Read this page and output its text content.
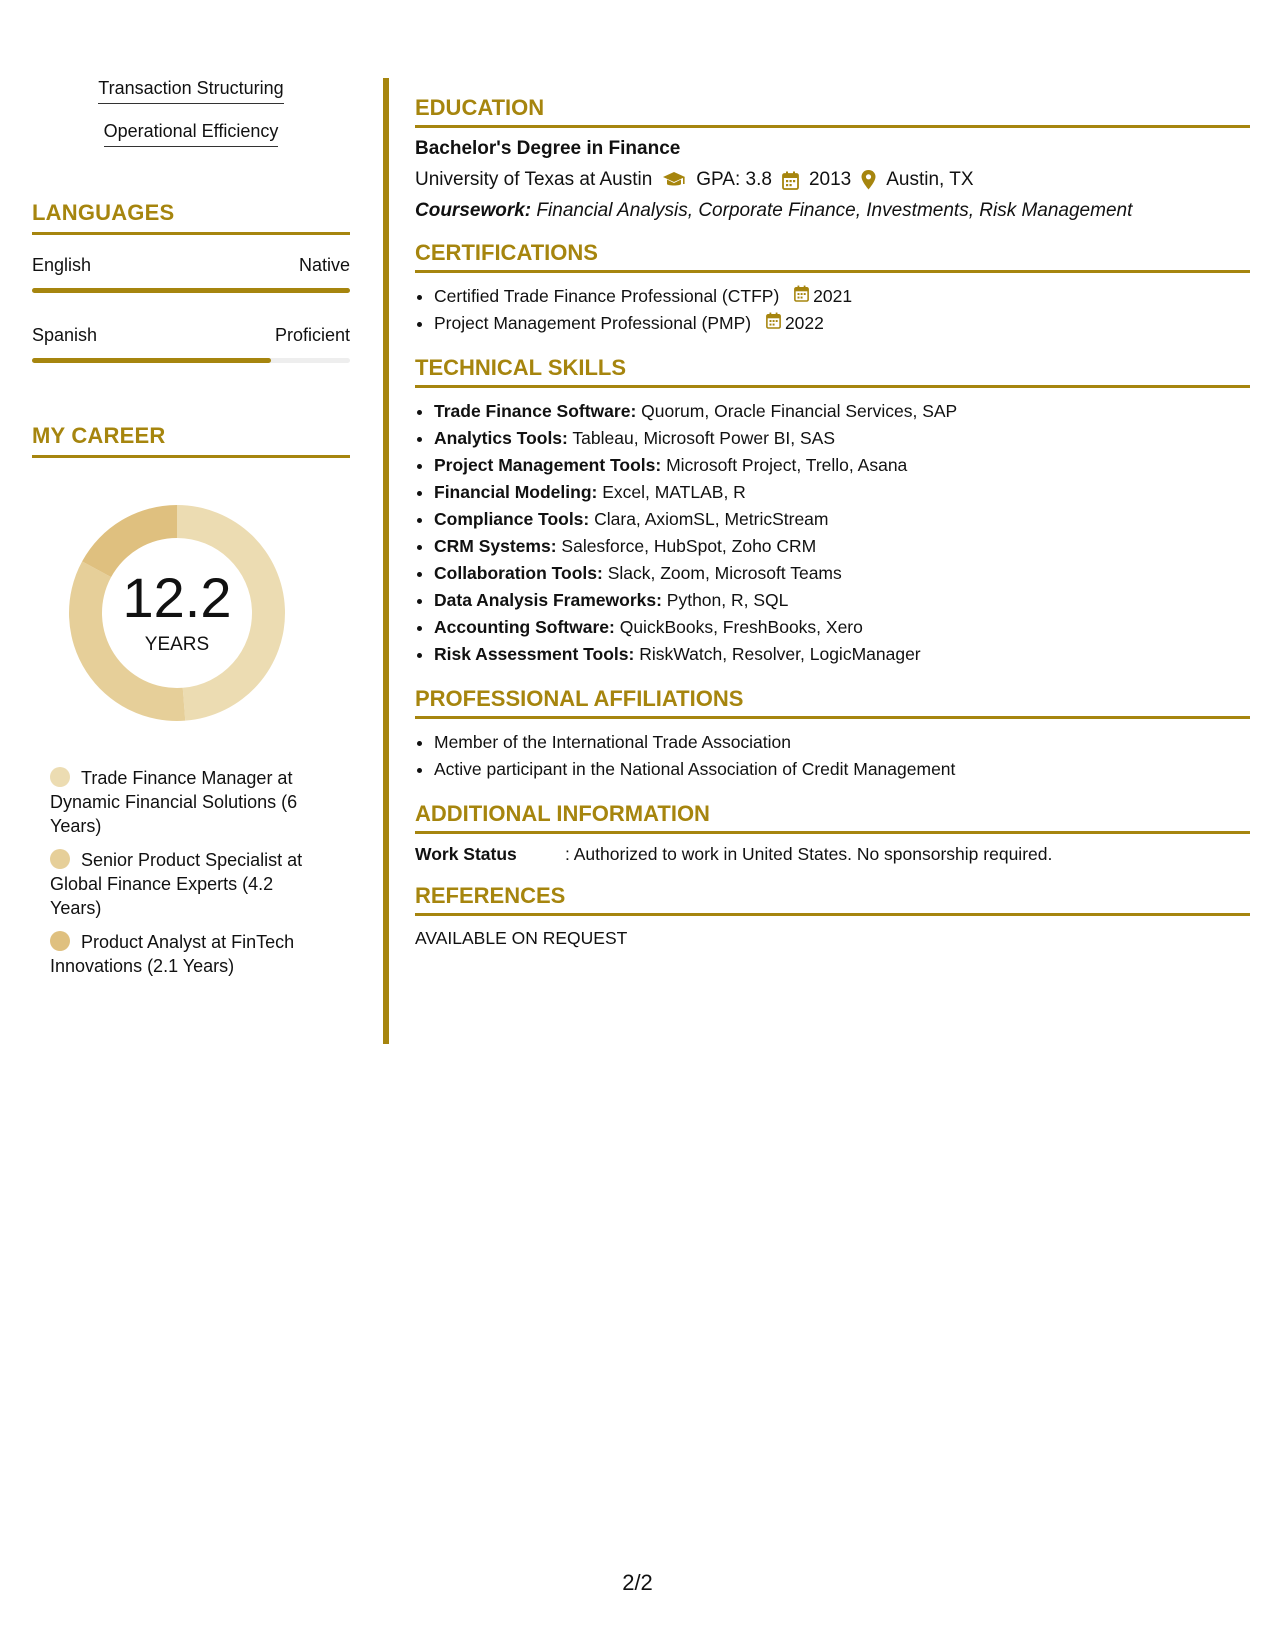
Transaction Structuring
Operational Efficiency
LANGUAGES
English	Native
Spanish	Proficient
MY CAREER
12.2
YEARS
Trade Finance Manager at Dynamic Financial Solutions (6 Years)
Senior Product Specialist at Global Finance Experts (4.2 Years)
Product Analyst at FinTech Innovations (2.1 Years)
EDUCATION
Bachelor's Degree in Finance
University of Texas at Austin GPA: 3.8 2013 Austin, TX
Coursework: Financial Analysis, Corporate Finance, Investments, Risk Management
CERTIFICATIONS
• Certified Trade Finance Professional (CTFP) 2021
• Project Management Professional (PMP) 2022
TECHNICAL SKILLS
• Trade Finance Software: Quorum, Oracle Financial Services, SAP
• Analytics Tools: Tableau, Microsoft Power BI, SAS
• Project Management Tools: Microsoft Project, Trello, Asana
• Financial Modeling: Excel, MATLAB, R
• Compliance Tools: Clara, AxiomSL, MetricStream
• CRM Systems: Salesforce, HubSpot, Zoho CRM
• Collaboration Tools: Slack, Zoom, Microsoft Teams
• Data Analysis Frameworks: Python, R, SQL
• Accounting Software: QuickBooks, FreshBooks, Xero
• Risk Assessment Tools: RiskWatch, Resolver, LogicManager
PROFESSIONAL AFFILIATIONS
• Member of the International Trade Association
• Active participant in the National Association of Credit Management
ADDITIONAL INFORMATION
Work Status	: Authorized to work in United States. No sponsorship required.
REFERENCES
AVAILABLE ON REQUEST
2/2
